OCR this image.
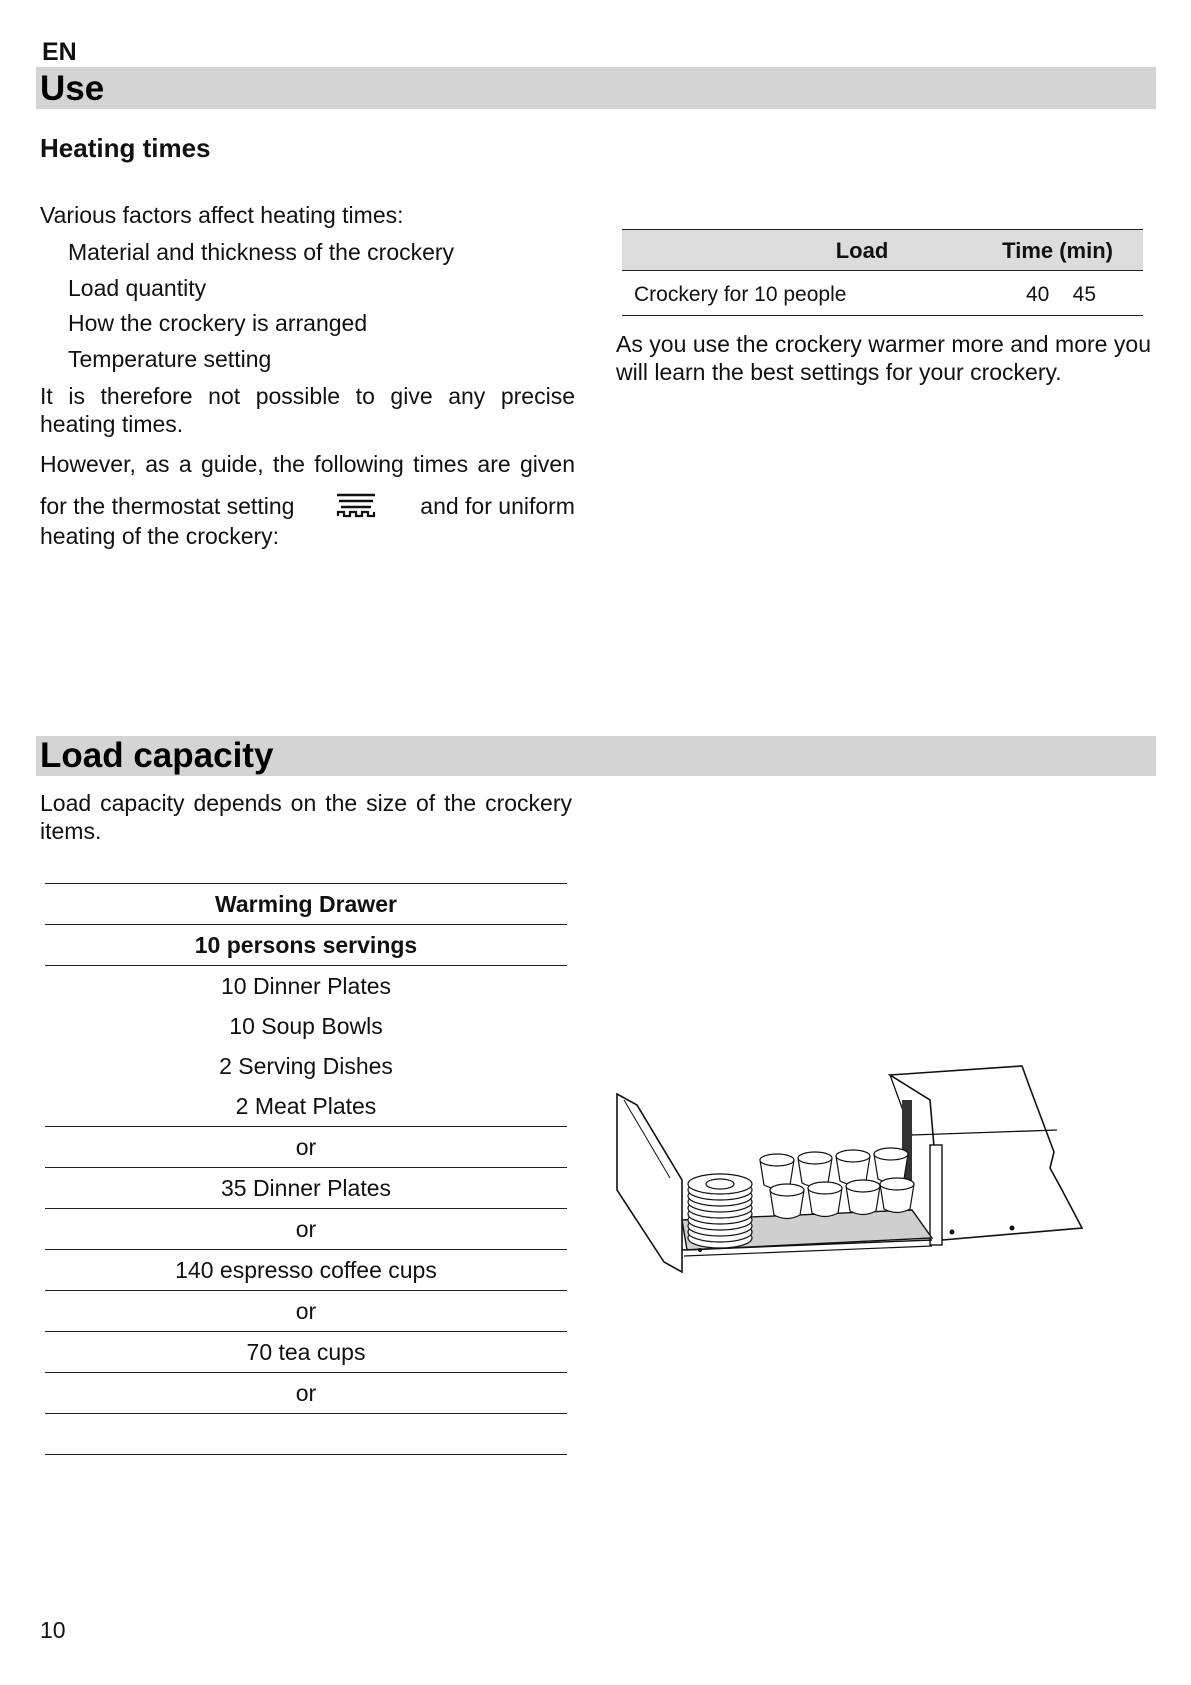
EN
Use
Heating times
Various factors affect heating times:
Material and thickness of the crockery
Load quantity
How the crockery is arranged
Temperature setting
It is therefore not possible to give any precise heating times.
However, as a guide, the following times are given
for the thermostat setting	and for uniform
heating of the crockery:
Load	Time (min)
Crockery for 10 people	40    45
As you use the crockery warmer more and more you will learn the best settings for your crockery.
Load capacity
Load capacity depends on the size of the crockery items.
Warming Drawer
10 persons servings
10 Dinner Plates
10 Soup Bowls
2 Serving Dishes
2 Meat Plates
or
35 Dinner Plates
or
140 espresso coffee cups
or
70 tea cups
or
10
